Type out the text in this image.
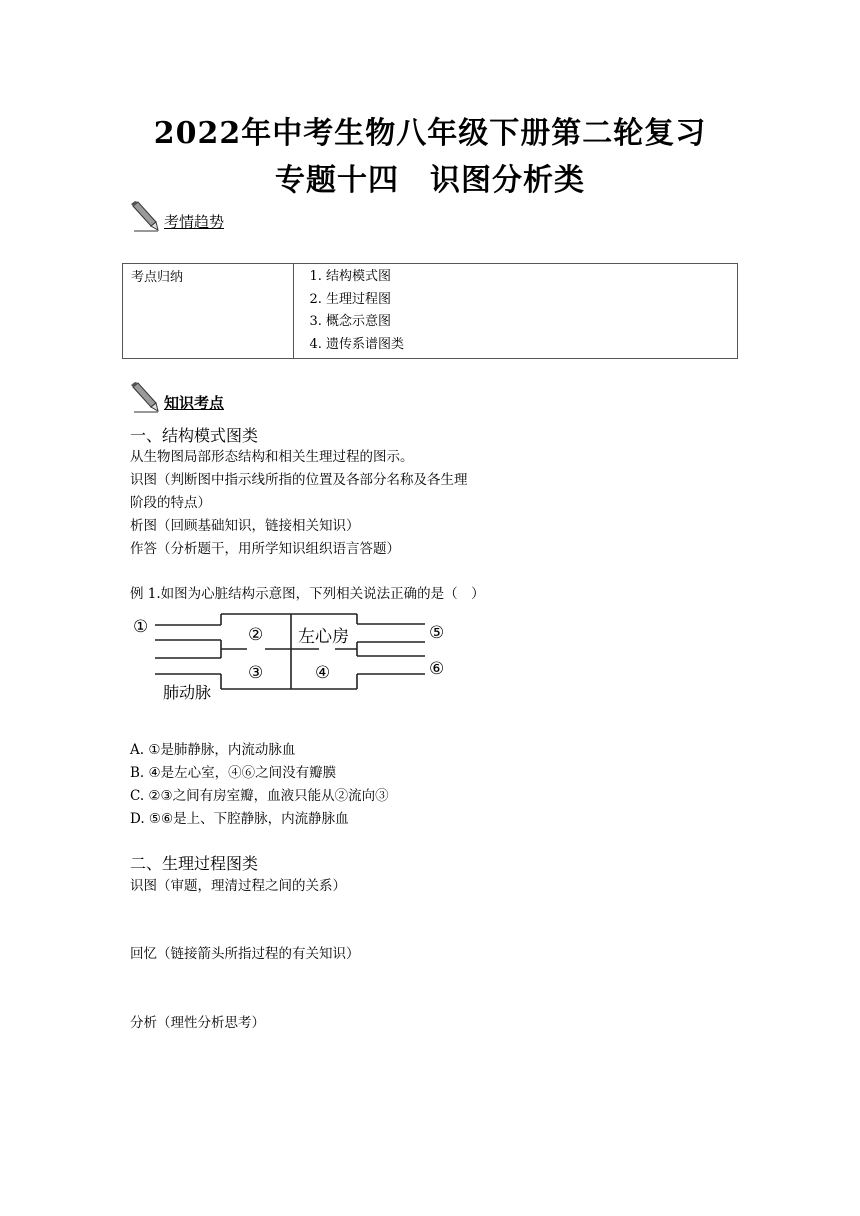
2022年中考生物八年级下册第二轮复习
专题十四　识图分析类
考情趋势
考点归纳	
1.结构模式图
2. 生理过程图
3. 概念示意图
4. 遗传系谱图类
知识考点
一、结构模式图类
从生物图局部形态结构和相关生理过程的图示。
识图（判断图中指示线所指的位置及各部分名称及各生理
阶段的特点）
析图（回顾基础知识，链接相关知识）
作答（分析题干，用所学知识组织语言答题）
例 1.如图为心脏结构示意图，下列相关说法正确的是（　）
①	② 左心房
③	④
⑤
⑥
肺动脉
A. ①是肺静脉，内流动脉血
B. ④是左心室，④⑥之间没有瓣膜
C. ②③之间有房室瓣，血液只能从②流向③
D. ⑤⑥是上、下腔静脉，内流静脉血
二、生理过程图类
识图（审题，理清过程之间的关系）
回忆（链接箭头所指过程的有关知识）
分析（理性分析思考）
